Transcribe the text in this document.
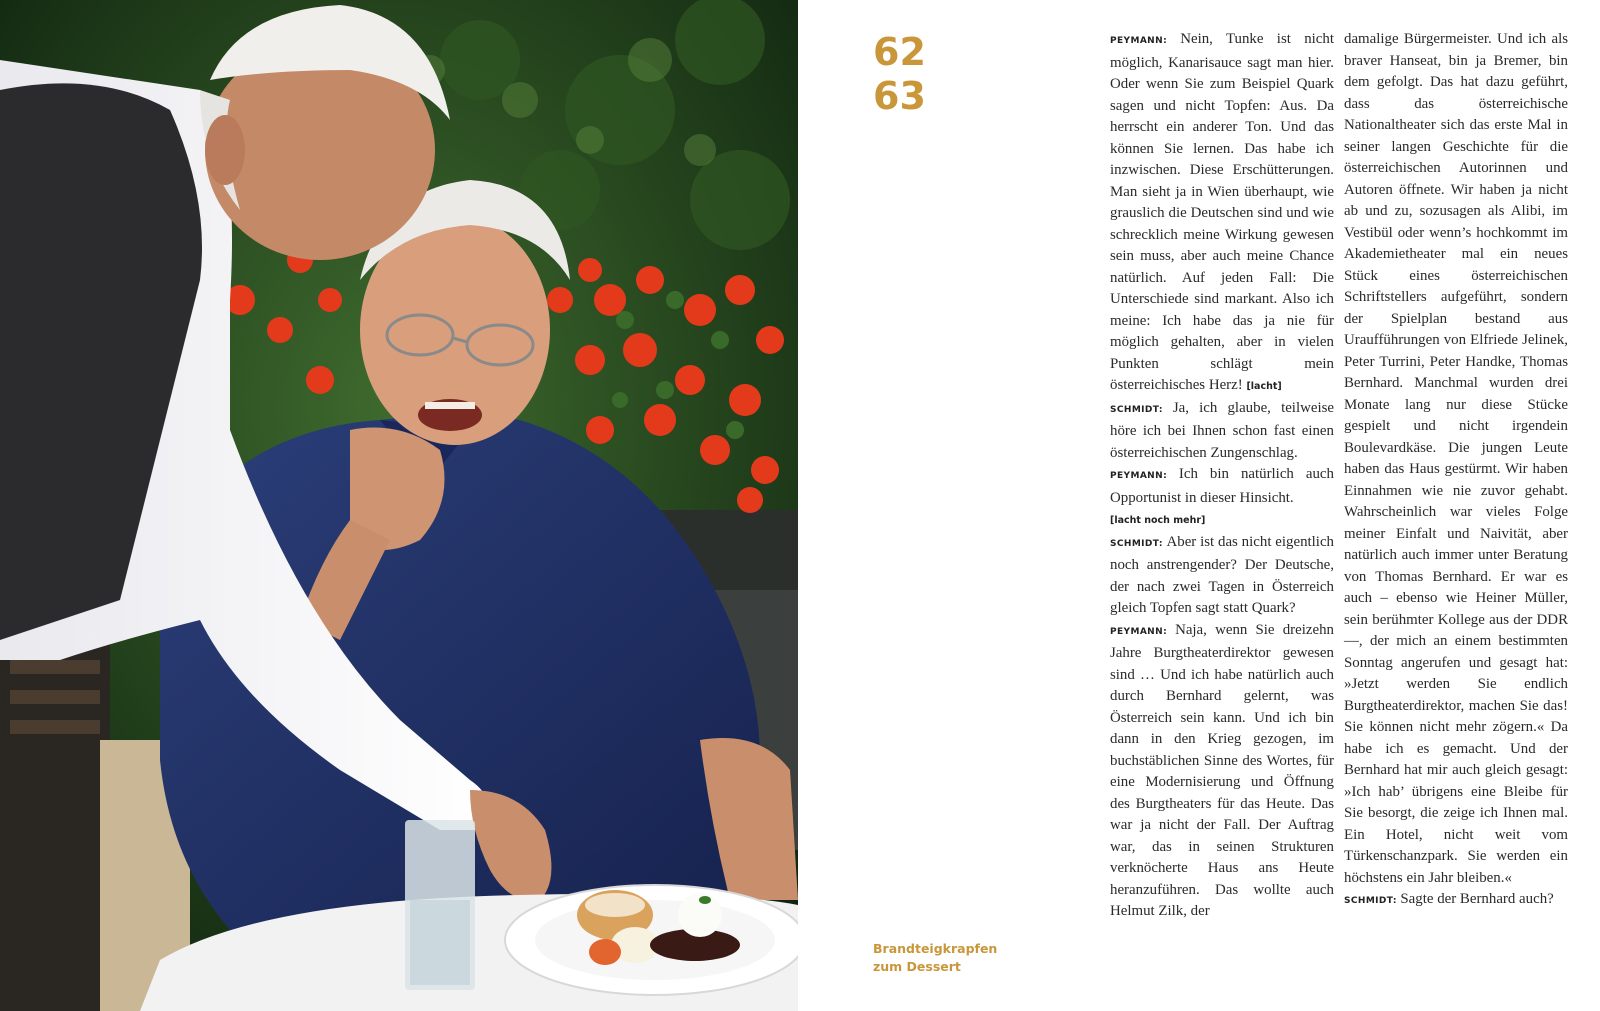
62
63
Brandteigkrapfen
zum Dessert

PEYMANN: Nein, Tunke ist nicht möglich, Kanarisauce sagt man hier. Oder wenn Sie zum Beispiel Quark sagen und nicht Topfen: Aus. Da herrscht ein anderer Ton. Und das können Sie lernen. Das habe ich inzwischen. Diese Erschütterungen. Man sieht ja in Wien überhaupt, wie grauslich die Deutschen sind und wie schrecklich meine Wirkung gewesen sein muss, aber auch meine Chance natürlich. Auf jeden Fall: Die Unterschiede sind markant. Also ich meine: Ich habe das ja nie für möglich gehalten, aber in vielen Punkten schlägt mein österreichisches Herz! [lacht]

SCHMIDT: Ja, ich glaube, teilweise höre ich bei Ihnen schon fast einen österreichischen Zungenschlag.

PEYMANN: Ich bin natürlich auch Opportunist in dieser Hinsicht.

[lacht noch mehr]

SCHMIDT: Aber ist das nicht eigentlich noch anstrengender? Der Deutsche, der nach zwei Tagen in Österreich gleich Topfen sagt statt Quark?

PEYMANN: Naja, wenn Sie dreizehn Jahre Burgtheaterdirektor gewesen sind … Und ich habe natürlich auch durch Bernhard gelernt, was Österreich sein kann. Und ich bin dann in den Krieg gezogen, im buchstäblichen Sinne des Wortes, für eine Modernisierung und Öffnung des Burgtheaters für das Heute. Das war ja nicht der Fall. Der Auftrag war, das in seinen Strukturen verknöcherte Haus ans Heute heranzuführen. Das wollte auch Helmut Zilk, der

damalige Bürgermeister. Und ich als braver Hanseat, bin ja Bremer, bin dem gefolgt. Das hat dazu geführt, dass das österreichische Nationaltheater sich das erste Mal in seiner langen Geschichte für die österreichischen Autorinnen und Autoren öffnete. Wir haben ja nicht ab und zu, sozusagen als Alibi, im Vestibül oder wenn’s hochkommt im Akademietheater mal ein neues Stück eines österreichischen Schriftstellers aufgeführt, sondern der Spielplan bestand aus Uraufführungen von Elfriede Jelinek, Peter Turrini, Peter Handke, Thomas Bernhard. Manchmal wurden drei Monate lang nur diese Stücke gespielt und nicht irgendein Boulevardkäse. Die jungen Leute haben das Haus gestürmt. Wir haben Einnahmen wie nie zuvor gehabt. Wahrscheinlich war vieles Folge meiner Einfalt und Naivität, aber natürlich auch immer unter Beratung von Thomas Bernhard. Er war es auch – ebenso wie Heiner Müller, sein berühmter Kollege aus der DDR —, der mich an einem bestimmten Sonntag angerufen und gesagt hat: »Jetzt werden Sie endlich Burgtheaterdirektor, machen Sie das! Sie können nicht mehr zögern.« Da habe ich es gemacht. Und der Bernhard hat mir auch gleich gesagt: »Ich hab’ übrigens eine Bleibe für Sie besorgt, die zeige ich Ihnen mal. Ein Hotel, nicht weit vom Türkenschanzpark. Sie werden ein höchstens ein Jahr bleiben.«

SCHMIDT: Sagte der Bernhard auch?
